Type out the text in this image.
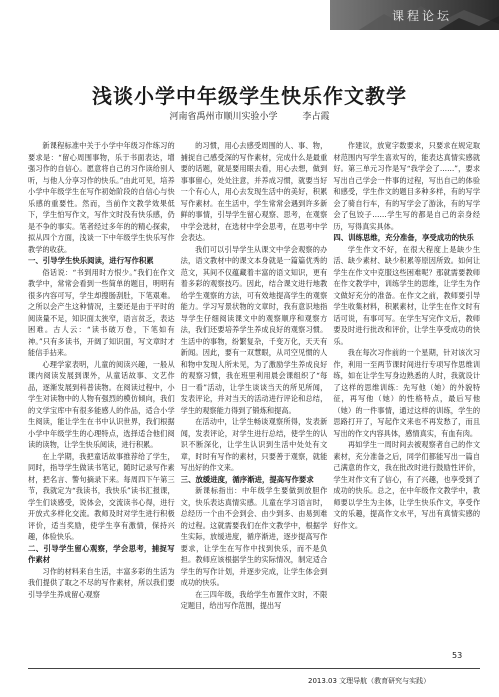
课程论坛
浅谈小学中年级学生快乐作文教学
河南省禹州市顺川实验小学	李占霞

新课程标准中关于小学中年级习作练习的要求是：“留心周围事物，乐于书面表达，增强习作的自信心。愿意将自己的习作读给别人听，与他人分享习作的快乐。”由此可见，培养小学中年级学生在写作初始阶段的自信心与快乐感的重要性。然而，当前作文教学效果低下，学生怕写作文，写作文时没有快乐感，仍是不争的事实。笔者经过多年的的精心探索，拟从四个方面，浅谈一下中年级学生快乐写作教学的收获。

一、引导学生快乐阅读，进行写作积累

俗话说：“书到用时方恨少。”我们在作文教学中，常常会看到一些简单的题目，明明有很多内容可写，学生却搜肠刮肚，下笔艰难。之所以会产生这种情况，主要还是由于平时的阅读量不足，知识面太狭窄，语言贫乏，表达困难。古人云：“读书破万卷，下笔如有神。”只有多读书，开阔了知识面，写文章时才能信手拈来。

心理学家表明，儿童的阅读兴趣，一般从课内阅读发展到课外，从童话故事、文艺作品，逐渐发展到科普读物。在阅读过程中，小学生对读物中的人物有强烈的模仿倾向，我们的文学宝库中有很多能感人的作品，适合小学生阅读，能让学生在书中认识世界，我们根据小学中年级学生的心理特点，选择适合他们阅读的读物，让学生快乐阅读，进行积累。

在上学期，我把童话故事推荐给了学生，同时，指导学生做读书笔记，随时记录写作素材，把名言、警句摘录下来。每周四下午第三节，我就定为“我读书，我快乐”读书汇报课，学生们谈感受，说体会，交流读书心得，进行开放式多样化交流。教师及时对学生进行积极评价，适当奖励，使学生享有激情，保持兴趣，体验快乐。

二、引导学生留心观察，学会思考，捕捉写作素材

习作的材料来自生活，丰富多彩的生活为我们提供了取之不尽的写作素材，所以我们要引导学生养成留心观察

的习惯，用心去感受周围的人、事、物，捕捉自己感受深的写作素材，完成什么是最重要的话题，就是要用眼去看，用心去想，做到事事留心，处处注意，并养成习惯，就要当好一个有心人，用心去发现生活中的美好，积累写作素材。在生活中，学生常常会遇到许多新鲜的事情，引导学生留心观察、思考，在观察中学会选材，在选材中学会思考，在思考中学会表达。

我们可以引导学生从课文中学会观察的办法，语文教材中的课文本身就是一篇篇优秀的范文，其间不仅蕴藏着丰富的语文知识，更有着多彩的观察技巧。因此，结合课文进行地教给学生观察的方法，可有效地提高学生的观察能力。学习写景状物的文章时，我有意识地指导学生仔细阅读课文中的观察顺序和观察方法，我们还要培养学生养成良好的观察习惯。生活中的事物，纷繁复杂，千变万化，天天有新闻。因此，要有一双慧眼，从司空见惯的人和物中发现人所未见，为了激励学生养成良好的观察习惯，我在班里利用晨会课组织了“每日一看”活动，让学生谈谈当天的所见所闻，发表评论，并对当天的活动进行评论和总结，学生的观察能力得到了锻炼和提高。

在活动中，让学生畅谈观察所得，发表新闻，发表评论，对学生进行总结，使学生的认识不断深化，让学生认识到生活中处处有文章，时时有写作的素材，只要善于观察，就能写出好的作文来。

三、放缓进度，循序渐进，提高写作要求

新课标指出：中年级学生要做到放胆作文，快乐表达真情实感。儿童在学习语言时，总经历一个由不会到会、由少到多、由易到难的过程。这就需要我们在作文教学中，根据学生实际，放缓进度，循序渐进，逐步提高写作要求，让学生在写作中找到快乐，而不是负担。教师应该根据学生的实际情况，制定适合学生的写作计划，并逐步完成，让学生体会到成功的快乐。

在三四年级，我给学生布置作文时，不限定题目，给出写作范围，提出写

作建议，放宽字数要求，只要求在规定取材范围内写学生喜欢写的，能表达真情实感就好。第三单元习作是写“我学会了……”，要求写出自己学会一件事的过程，写出自己的体验和感受，学生作文的题目多种多样，有的写学会了骑自行车，有的写学会了游泳，有的写学会了包饺子……学生写的都是自己的亲身经历，写得真实具体。

四、训练思维，充分准备，享受成功的快乐

学生作文不好，在很大程度上是缺少生活、缺少素材、缺少积累等原因所致。如何让学生在作文中克服这些困难呢？那就需要教师在作文教学中，训练学生的思维，让学生为作文做好充分的准备。在作文之前，教师要引导学生收集材料，积累素材，让学生在作文时有话可说，有事可写。在学生写完作文后，教师要及时进行批改和评价，让学生享受成功的快乐。

我在每次习作前的一个星期，针对该次习作，利用一至两节课时间进行专项写作思维训练，如在让学生写身边熟悉的人时，我就设计了这样的思维训练：先写他（她）的外貌特征，再写他（她）的性格特点，最后写他（她）的一件事情，通过这样的训练，学生的思路打开了，写起作文来也不再发愁了，而且写出的作文内容具体，感情真实，有血有肉。

再如学生一周时间去被观察者自己的作文素材，充分准备之后，同学们都能写出一篇自己满意的作文，我在批改时进行鼓励性评价，学生对作文有了信心，有了兴趣，也享受到了成功的快乐。总之，在中年级作文教学中，教师要以学生为主体，让学生快乐作文，享受作文的乐趣，提高作文水平，写出有真情实感的好作文。

53
2013.03 文理导航（教育研究与实践）
